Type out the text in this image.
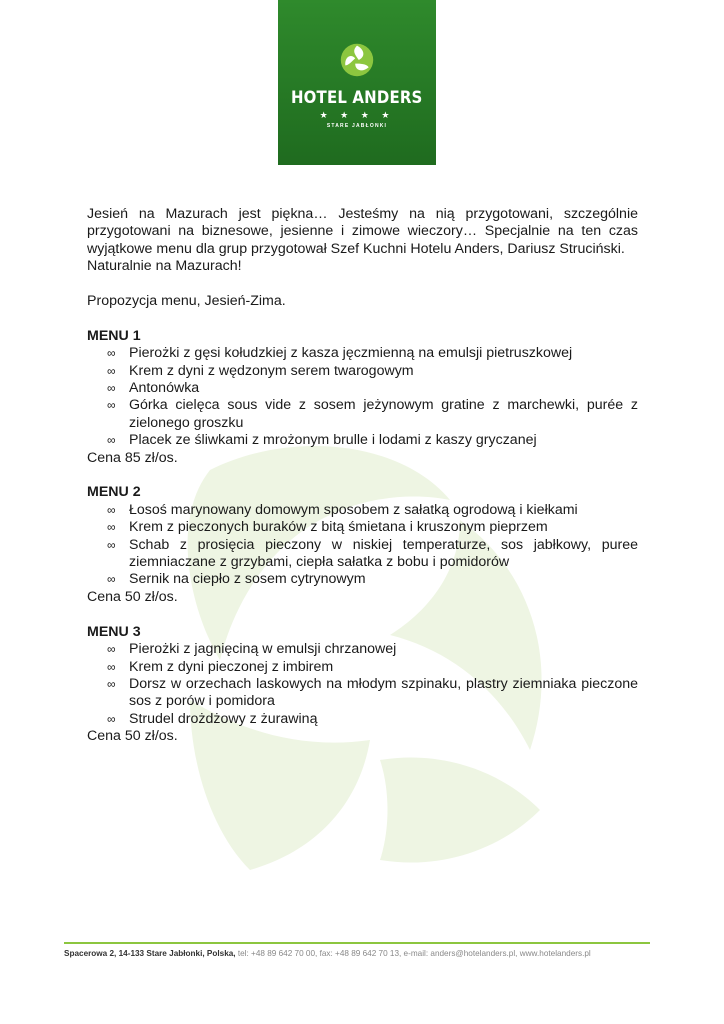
HOTEL ANDERS
★ ★ ★ ★
STARE JABŁONKI

Jesień na Mazurach jest piękna… Jesteśmy na nią przygotowani, szczególnie przygotowani na biznesowe, jesienne i zimowe wieczory… Specjalnie na ten czas wyjątkowe menu dla grup przygotował Szef Kuchni Hotelu Anders, Dariusz Struciński.

Naturalnie na Mazurach!

Propozycja menu, Jesień-Zima.

MENU 1

∞ Pierożki z gęsi kołudzkiej z kasza jęczmienną na emulsji pietruszkowej
∞ Krem z dyni z wędzonym serem twarogowym
∞ Antonówka
∞ Górka cielęca sous vide z sosem jeżynowym gratine z marchewki, purée z zielonego groszku
∞ Placek ze śliwkami z mrożonym brulle i lodami z kaszy gryczanej

Cena 85 zł/os.

MENU 2

∞ Łosoś marynowany domowym sposobem z sałatką ogrodową i kiełkami
∞ Krem z pieczonych buraków z bitą śmietana i kruszonym pieprzem
∞ Schab z prosięcia pieczony w niskiej temperaturze, sos jabłkowy, puree ziemniaczane z grzybami, ciepła sałatka z bobu i pomidorów
∞ Sernik na ciepło z sosem cytrynowym

Cena 50 zł/os.

MENU 3

∞ Pierożki z jagnięciną w emulsji chrzanowej
∞ Krem z dyni pieczonej z imbirem
∞ Dorsz w orzechach laskowych na młodym szpinaku, plastry ziemniaka pieczone sos z porów i pomidora
∞ Strudel drożdżowy z żurawiną

Cena 50 zł/os.

Spacerowa 2, 14-133 Stare Jabłonki, Polska, tel: +48 89 642 70 00, fax: +48 89 642 70 13, e-mail: anders@hotelanders.pl, www.hotelanders.pl
